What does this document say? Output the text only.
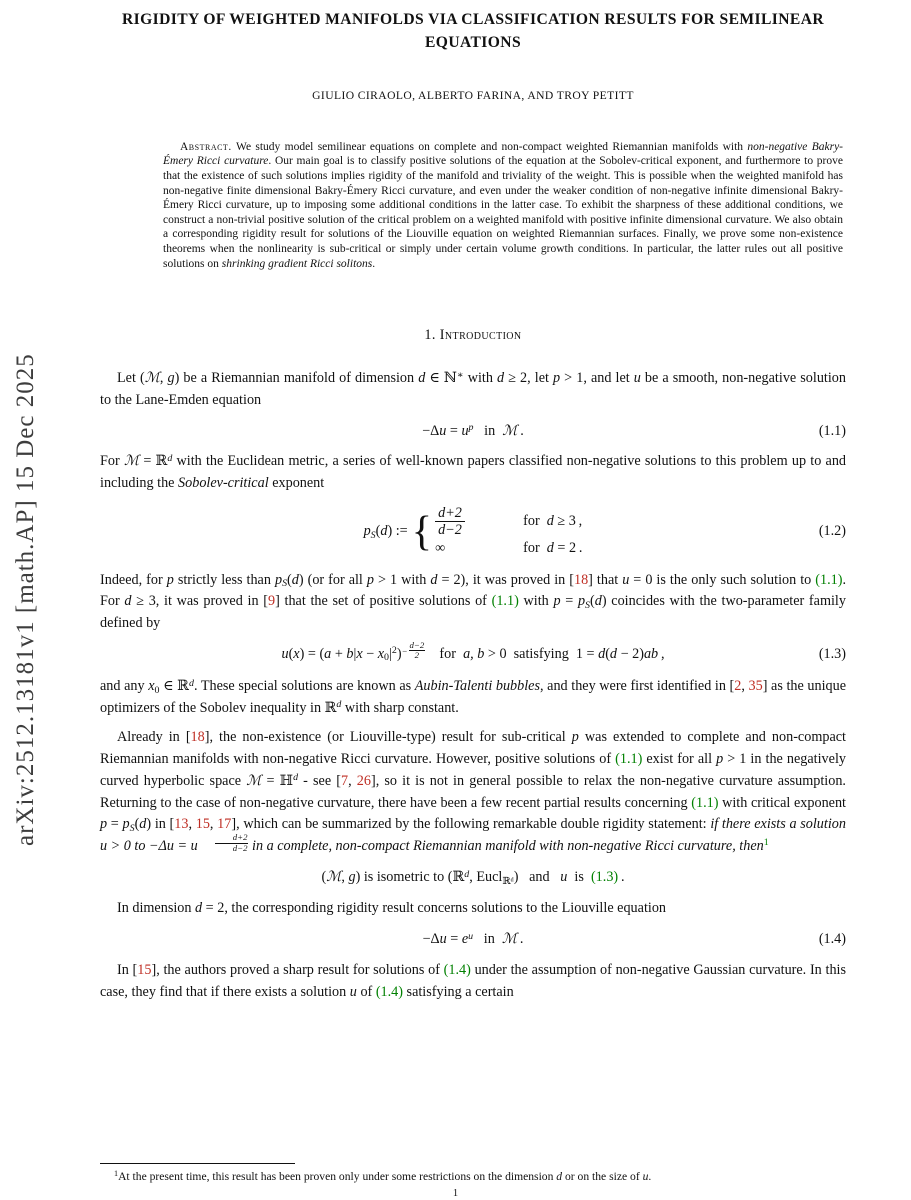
arXiv:2512.13181v1 [math.AP] 15 Dec 2025
RIGIDITY OF WEIGHTED MANIFOLDS VIA CLASSIFICATION RESULTS FOR SEMILINEAR EQUATIONS
GIULIO CIRAOLO, ALBERTO FARINA, AND TROY PETITT
Abstract. We study model semilinear equations on complete and non-compact weighted Riemannian manifolds with non-negative Bakry-Émery Ricci curvature. Our main goal is to classify positive solutions of the equation at the Sobolev-critical exponent, and furthermore to prove that the existence of such solutions implies rigidity of the manifold and triviality of the weight. This is possible when the weighted manifold has non-negative finite dimensional Bakry-Émery Ricci curvature, and even under the weaker condition of non-negative infinite dimensional Bakry-Émery Ricci curvature, up to imposing some additional conditions in the latter case. To exhibit the sharpness of these additional conditions, we construct a non-trivial positive solution of the critical problem on a weighted manifold with positive infinite dimensional curvature. We also obtain a corresponding rigidity result for solutions of the Liouville equation on weighted Riemannian surfaces. Finally, we prove some non-existence theorems when the nonlinearity is sub-critical or simply under certain volume growth conditions. In particular, the latter rules out all positive solutions on shrinking gradient Ricci solitons.
1. Introduction

Let (ℳ, g) be a Riemannian manifold of dimension d ∈ ℕ∗ with d ≥ 2, let p > 1, and let u be a smooth, non-negative solution to the Lane-Emden equation

$-\Delta u = u^p$   in  ℳ .	(1.1)

For ℳ = ℝ$^d$ with the Euclidean metric, a series of well-known papers classified non-negative solutions to this problem up to and including the Sobolev-critical exponent

pS(d) := { d+2
d−2
for  d ≥ 3 ,
∞	for  d = 2 .
(1.2)

Indeed, for p strictly less than pS(d) (or for all p > 1 with d = 2), it was proved in [18] that u = 0 is the only such solution to (1.1). For d ≥ 3, it was proved in [9] that the set of positive solutions of (1.1) with p = pS(d) coincides with the two-parameter family defined by

$u(x) = (a + b|x - x0|^2)- \frac{d-2}{2}$ for  a, b > 0  satisfying  1 = d(d − 2)ab ,	(1.3)

and any x0 ∈ ℝ$^d$. These special solutions are known as Aubin-Talenti bubbles, and they were first identified in [2, 35] as the unique optimizers of the Sobolev inequality in ℝ$^d$ with sharp constant.

Already in [18], the non-existence (or Liouville-type) result for sub-critical p was extended to complete and non-compact Riemannian manifolds with non-negative Ricci curvature. However, positive solutions of (1.1) exist for all p > 1 in the negatively curved hyperbolic space ℳ = ℍ$^d$ - see [7, 26], so it is not in general possible to relax the non-negative curvature assumption. Returning to the case of non-negative curvature, there have been a few recent partial results concerning (1.1) with critical exponent p = pS(d) in [13, 15, 17], which can be summarized by the following remarkable double rigidity statement: if there exists a solution u > 0 to −Δu = u $\frac{d+2}{d-2}$ in a complete, non-compact Riemannian manifold with non-negative Ricci curvature, then$^1$

(ℳ, g) is isometric to (ℝ$^d$, Euclℝᵈ)   and   u  is  (1.3) .

In dimension d = 2, the corresponding rigidity result concerns solutions to the Liouville equation

$-\Delta u = e^u$   in  ℳ .	(1.4)

In [15], the authors proved a sharp result for solutions of (1.4) under the assumption of non-negative Gaussian curvature. In this case, they find that if there exists a solution u of (1.4) satisfying a certain

$^1$At the present time, this result has been proven only under some restrictions on the dimension d or on the size of u.
1
